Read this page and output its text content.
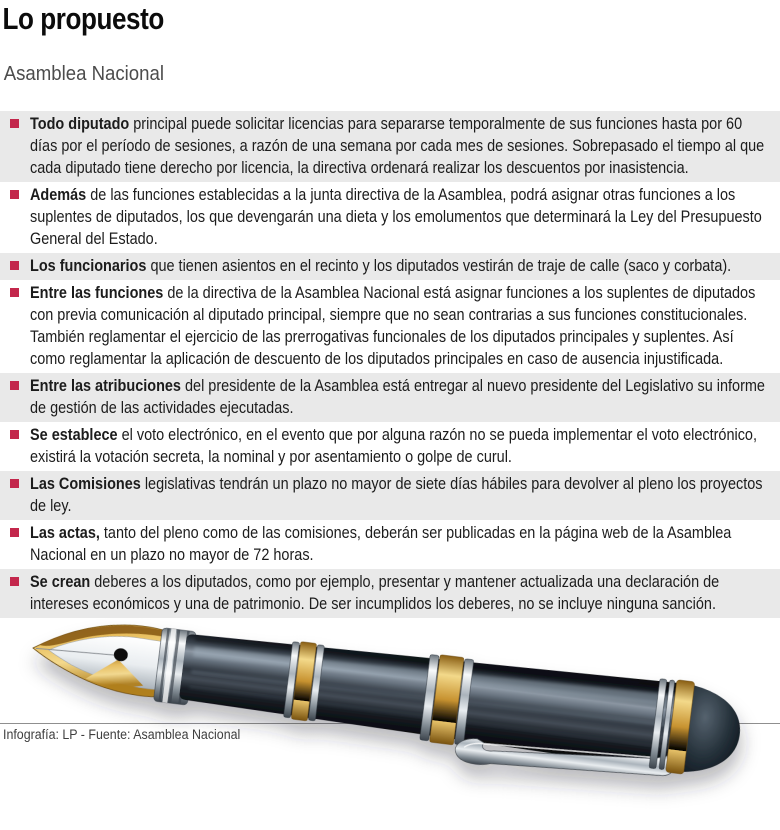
Lo propuesto
Asamblea Nacional

Todo diputado principal puede solicitar licencias para separarse temporalmente de sus funciones hasta por 60 días por el período de sesiones, a razón de una semana por cada mes de sesiones. Sobrepasado el tiempo al que cada diputado tiene derecho por licencia, la directiva ordenará realizar los descuentos por inasistencia.

Además de las funciones establecidas a la junta directiva de la Asamblea, podrá asignar otras funciones a los suplentes de diputados, los que devengarán una dieta y los emolumentos que determinará la Ley del Presupuesto General del Estado.

Los funcionarios que tienen asientos en el recinto y los diputados vestirán de traje de calle (saco y corbata).

Entre las funciones de la directiva de la Asamblea Nacional está asignar funciones a los suplentes de diputados con previa comunicación al diputado principal, siempre que no sean contrarias a sus funciones constitucionales. También reglamentar el ejercicio de las prerrogativas funcionales de los diputados principales y suplentes. Así como reglamentar la aplicación de descuento de los diputados principales en caso de ausencia injustificada.

Entre las atribuciones del presidente de la Asamblea está entregar al nuevo presidente del Legislativo su informe de gestión de las actividades ejecutadas.

Se establece el voto electrónico, en el evento que por alguna razón no se pueda implementar el voto electrónico, existirá la votación secreta, la nominal y por asentamiento o golpe de curul.

Las Comisiones legislativas tendrán un plazo no mayor de siete días hábiles para devolver al pleno los proyectos de ley.

Las actas, tanto del pleno como de las comisiones, deberán ser publicadas en la página web de la Asamblea Nacional en un plazo no mayor de 72 horas.

Se crean deberes a los diputados, como por ejemplo, presentar y mantener actualizada una declaración de intereses económicos y una de patrimonio. De ser incumplidos los deberes, no se incluye ninguna sanción.

Infografía: LP - Fuente: Asamblea Nacional
